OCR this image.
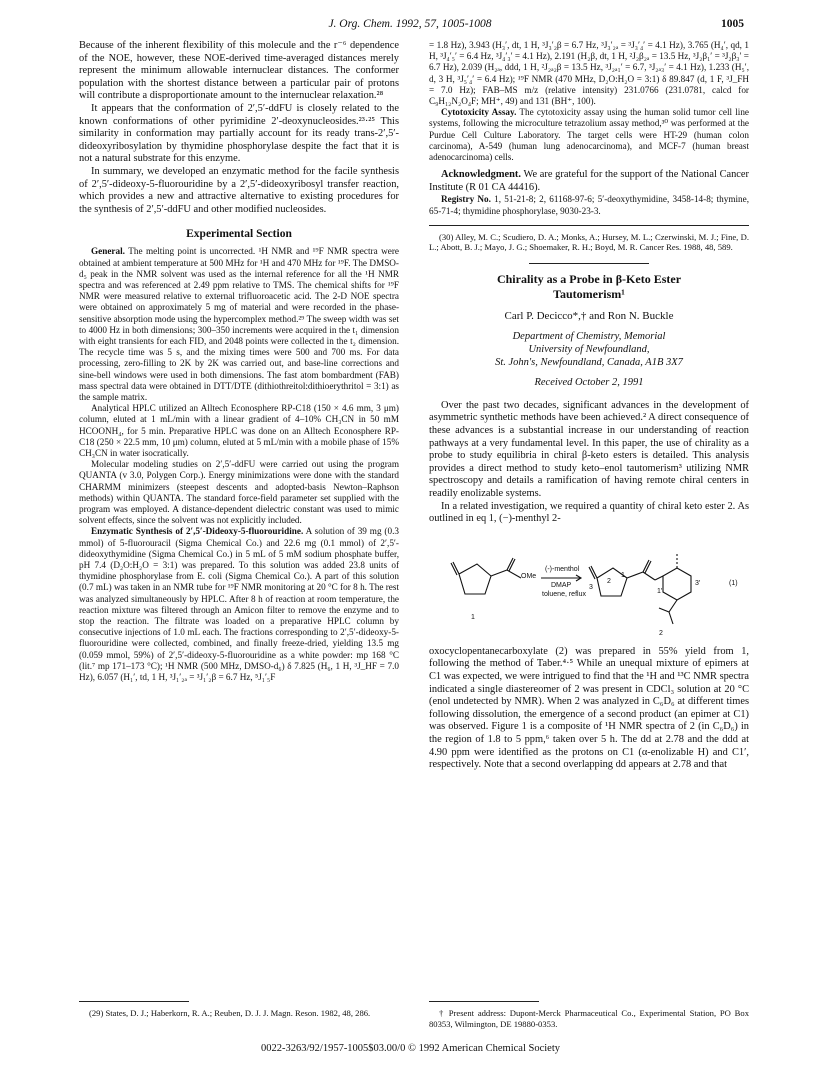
J. Org. Chem. 1992, 57, 1005-1008	1005

Because of the inherent flexibility of this molecule and the r⁻⁶ dependence of the NOE, however, these NOE-derived time-averaged distances merely represent the minimum allowable internuclear distances. The conformer population with the shortest distance between a particular pair of protons will contribute a disproportionate amount to the internuclear relaxation.²⁸

It appears that the conformation of 2′,5′-ddFU is closely related to the known conformations of other pyrimidine 2′-deoxynucleosides.²³·²⁵ This similarity in conformation may partially account for its ready trans-2′,5′-dideoxyribosylation by thymidine phosphorylase despite the fact that it is not a natural substrate for this enzyme.

In summary, we developed an enzymatic method for the facile synthesis of 2′,5′-dideoxy-5-fluorouridine by a 2′,5′-dideoxyribosyl transfer reaction, which provides a new and attractive alternative to existing procedures for the synthesis of 2′,5′-ddFU and other modified nucleosides.

Experimental Section

General. The melting point is uncorrected. ¹H NMR and ¹⁹F NMR spectra were obtained at ambient temperature at 500 MHz for ¹H and 470 MHz for ¹⁹F. The DMSO-d₅ peak in the NMR solvent was used as the internal reference for all the ¹H NMR spectra and was referenced at 2.49 ppm relative to TMS. The chemical shifts for ¹⁹F NMR were measured relative to external trifluoroacetic acid. The 2-D NOE spectra were obtained on approximately 5 mg of material and were recorded in the phase-sensitive absorption mode using the hypercomplex method.²⁹ The sweep width was set to 4000 Hz in both dimensions; 300–350 increments were acquired in the t₁ dimension with eight transients for each FID, and 2048 points were collected in the t₂ dimension. The recycle time was 5 s, and the mixing times were 500 and 700 ms. For data processing, zero-filling to 2K by 2K was carried out, and base-line corrections and sine-bell windows were used in both dimensions. The fast atom bombardment (FAB) mass spectral data were obtained in DTT/DTE (dithiothreitol:dithioerythritol = 3:1) as the sample matrix.

Analytical HPLC utilized an Alltech Econosphere RP-C18 (150 × 4.6 mm, 3 μm) column, eluted at 1 mL/min with a linear gradient of 4–10% CH₃CN in 50 mM HCOONH₄, for 5 min. Preparative HPLC was done on an Alltech Econosphere RP-C18 (250 × 22.5 mm, 10 μm) column, eluted at 5 mL/min with a mobile phase of 15% CH₃CN in water isocratically.

Molecular modeling studies on 2′,5′-ddFU were carried out using the program QUANTA (v 3.0, Polygen Corp.). Energy minimizations were done with the standard CHARMM minimizers (steepest descents and adopted-basis Newton–Raphson methods) within QUANTA. The standard force-field parameter set supplied with the program was employed. A distance-dependent dielectric constant was used to mimic solvent effects, since the solvent was not explicitly included.

Enzymatic Synthesis of 2′,5′-Dideoxy-5-fluorouridine. A solution of 39 mg (0.3 mmol) of 5-fluorouracil (Sigma Chemical Co.) and 22.6 mg (0.1 mmol) of 2′,5′-dideoxythymidine (Sigma Chemical Co.) in 5 mL of 5 mM sodium phosphate buffer, pH 7.4 (D₂O:H₂O = 3:1) was prepared. To this solution was added 23.8 units of thymidine phosphorylase from E. coli (Sigma Chemical Co.). A part of this solution (0.7 mL) was taken in an NMR tube for ¹⁹F NMR monitoring at 20 °C for 8 h. The rest was analyzed simultaneously by HPLC. After 8 h of reaction at room temperature, the reaction mixture was filtered through an Amicon filter to remove the enzyme and to stop the reaction. The filtrate was loaded on a preparative HPLC column by consecutive injections of 1.0 mL each. The fractions corresponding to 2′,5′-dideoxy-5-fluorouridine were collected, combined, and finally freeze-dried, yielding 13.5 mg (0.059 mmol, 59%) of 2′,5′-dideoxy-5-fluorouridine as a white powder: mp 168 °C (lit.⁷ mp 171–173 °C); ¹H NMR (500 MHz, DMSO-d₆) δ 7.825 (H₆, 1 H, ³J_HF = 7.0 Hz), 6.057 (H₁′, td, 1 H, ³J₁′₂ₐ = ³J₁′₂β = 6.7 Hz, ⁵J₁′₅F

(29) States, D. J.; Haberkorn, R. A.; Reuben, D. J. J. Magn. Reson. 1982, 48, 286.

= 1.8 Hz), 3.943 (H₃′, dt, 1 H, ³J₃′₂β = 6.7 Hz, ³J₃′₂ₐ = ³J₃′₄′ = 4.1 Hz), 3.765 (H₄′, qd, 1 H, ³J₄′₅′ = 6.4 Hz, ³J₄′₃′ = 4.1 Hz), 2.191 (H₂β, dt, 1 H, ²J₂β₂ₐ = 13.5 Hz, ³J₂β₁′ = ³J₂β₃′ = 6.7 Hz), 2.039 (H₂ₐ, ddd, 1 H, ²J₂ₐ₂β = 13.5 Hz, ³J₂ₐ₁′ = 6.7, ³J₂ₐ₃′ = 4.1 Hz), 1.233 (H₅′, d, 3 H, ³J₅′₄′ = 6.4 Hz); ¹⁹F NMR (470 MHz, D₂O:H₂O = 3:1) δ 89.847 (d, 1 F, ³J_FH = 7.0 Hz); FAB–MS m/z (relative intensity) 231.0766 (231.0781, calcd for C₉H₁₂N₂O₄F; MH⁺, 49) and 131 (BH⁺, 100).

Cytotoxicity Assay. The cytotoxicity assay using the human solid tumor cell line systems, following the microculture tetrazolium assay method,³⁰ was performed at the Purdue Cell Culture Laboratory. The target cells were HT-29 (human colon carcinoma), A-549 (human lung adenocarcinoma), and MCF-7 (human breast adenocarcinoma) cells.

Acknowledgment. We are grateful for the support of the National Cancer Institute (R 01 CA 44416).

Registry No. 1, 51-21-8; 2, 61168-97-6; 5′-deoxythymidine, 3458-14-8; thymine, 65-71-4; thymidine phosphorylase, 9030-23-3.

(30) Alley, M. C.; Scudiero, D. A.; Monks, A.; Hursey, M. L.; Czerwinski, M. J.; Fine, D. L.; Abott, B. J.; Mayo, J. G.; Shoemaker, R. H.; Boyd, M. R. Cancer Res. 1988, 48, 589.

Chirality as a Probe in β-Keto Ester
Tautomerism¹
Carl P. Decicco*,† and Ron N. Buckle
Department of Chemistry, Memorial
University of Newfoundland,
St. John's, Newfoundland, Canada, A1B 3X7
Received October 2, 1991

Over the past two decades, significant advances in the development of asymmetric synthetic methods have been achieved.² A direct consequence of these advances is a substantial increase in our understanding of reaction pathways at a very fundamental level. In this paper, the use of chirality as a probe to study equilibria in chiral β-keto esters is detailed. This analysis provides a direct method to study keto–enol tautomerism³ utilizing NMR spectroscopy and details a ramification of having remote chiral centers in readily enolizable systems.

In a related investigation, we required a quantity of chiral keto ester 2. As outlined in eq 1, (−)-menthyl 2-

OMe
(-)-menthol
DMAP
toluene, reflux
1
2
(1)
3
2
1
1′
3′

oxocyclopentanecarboxylate (2) was prepared in 55% yield from 1, following the method of Taber.⁴·⁵ While an unequal mixture of epimers at C1 was expected, we were intrigued to find that the ¹H and ¹³C NMR spectra indicated a single diastereomer of 2 was present in CDCl₃ solution at 20 °C (enol undetected by NMR). When 2 was analyzed in C₆D₆ at different times following dissolution, the emergence of a second product (an epimer at C1) was observed. Figure 1 is a composite of ¹H NMR spectra of 2 (in C₆D₆) in the region of 1.8 to 5 ppm,⁶ taken over 5 h. The dd at 2.78 and the ddd at 4.90 ppm were identified as the protons on C1 (α-enolizable H) and C1′, respectively. Note that a second overlapping dd appears at 2.78 and that

† Present address: Dupont-Merck Pharmaceutical Co., Experimental Station, PO Box 80353, Wilmington, DE 19880-0353.

0022-3263/92/1957-1005$03.00/0 © 1992 American Chemical Society
